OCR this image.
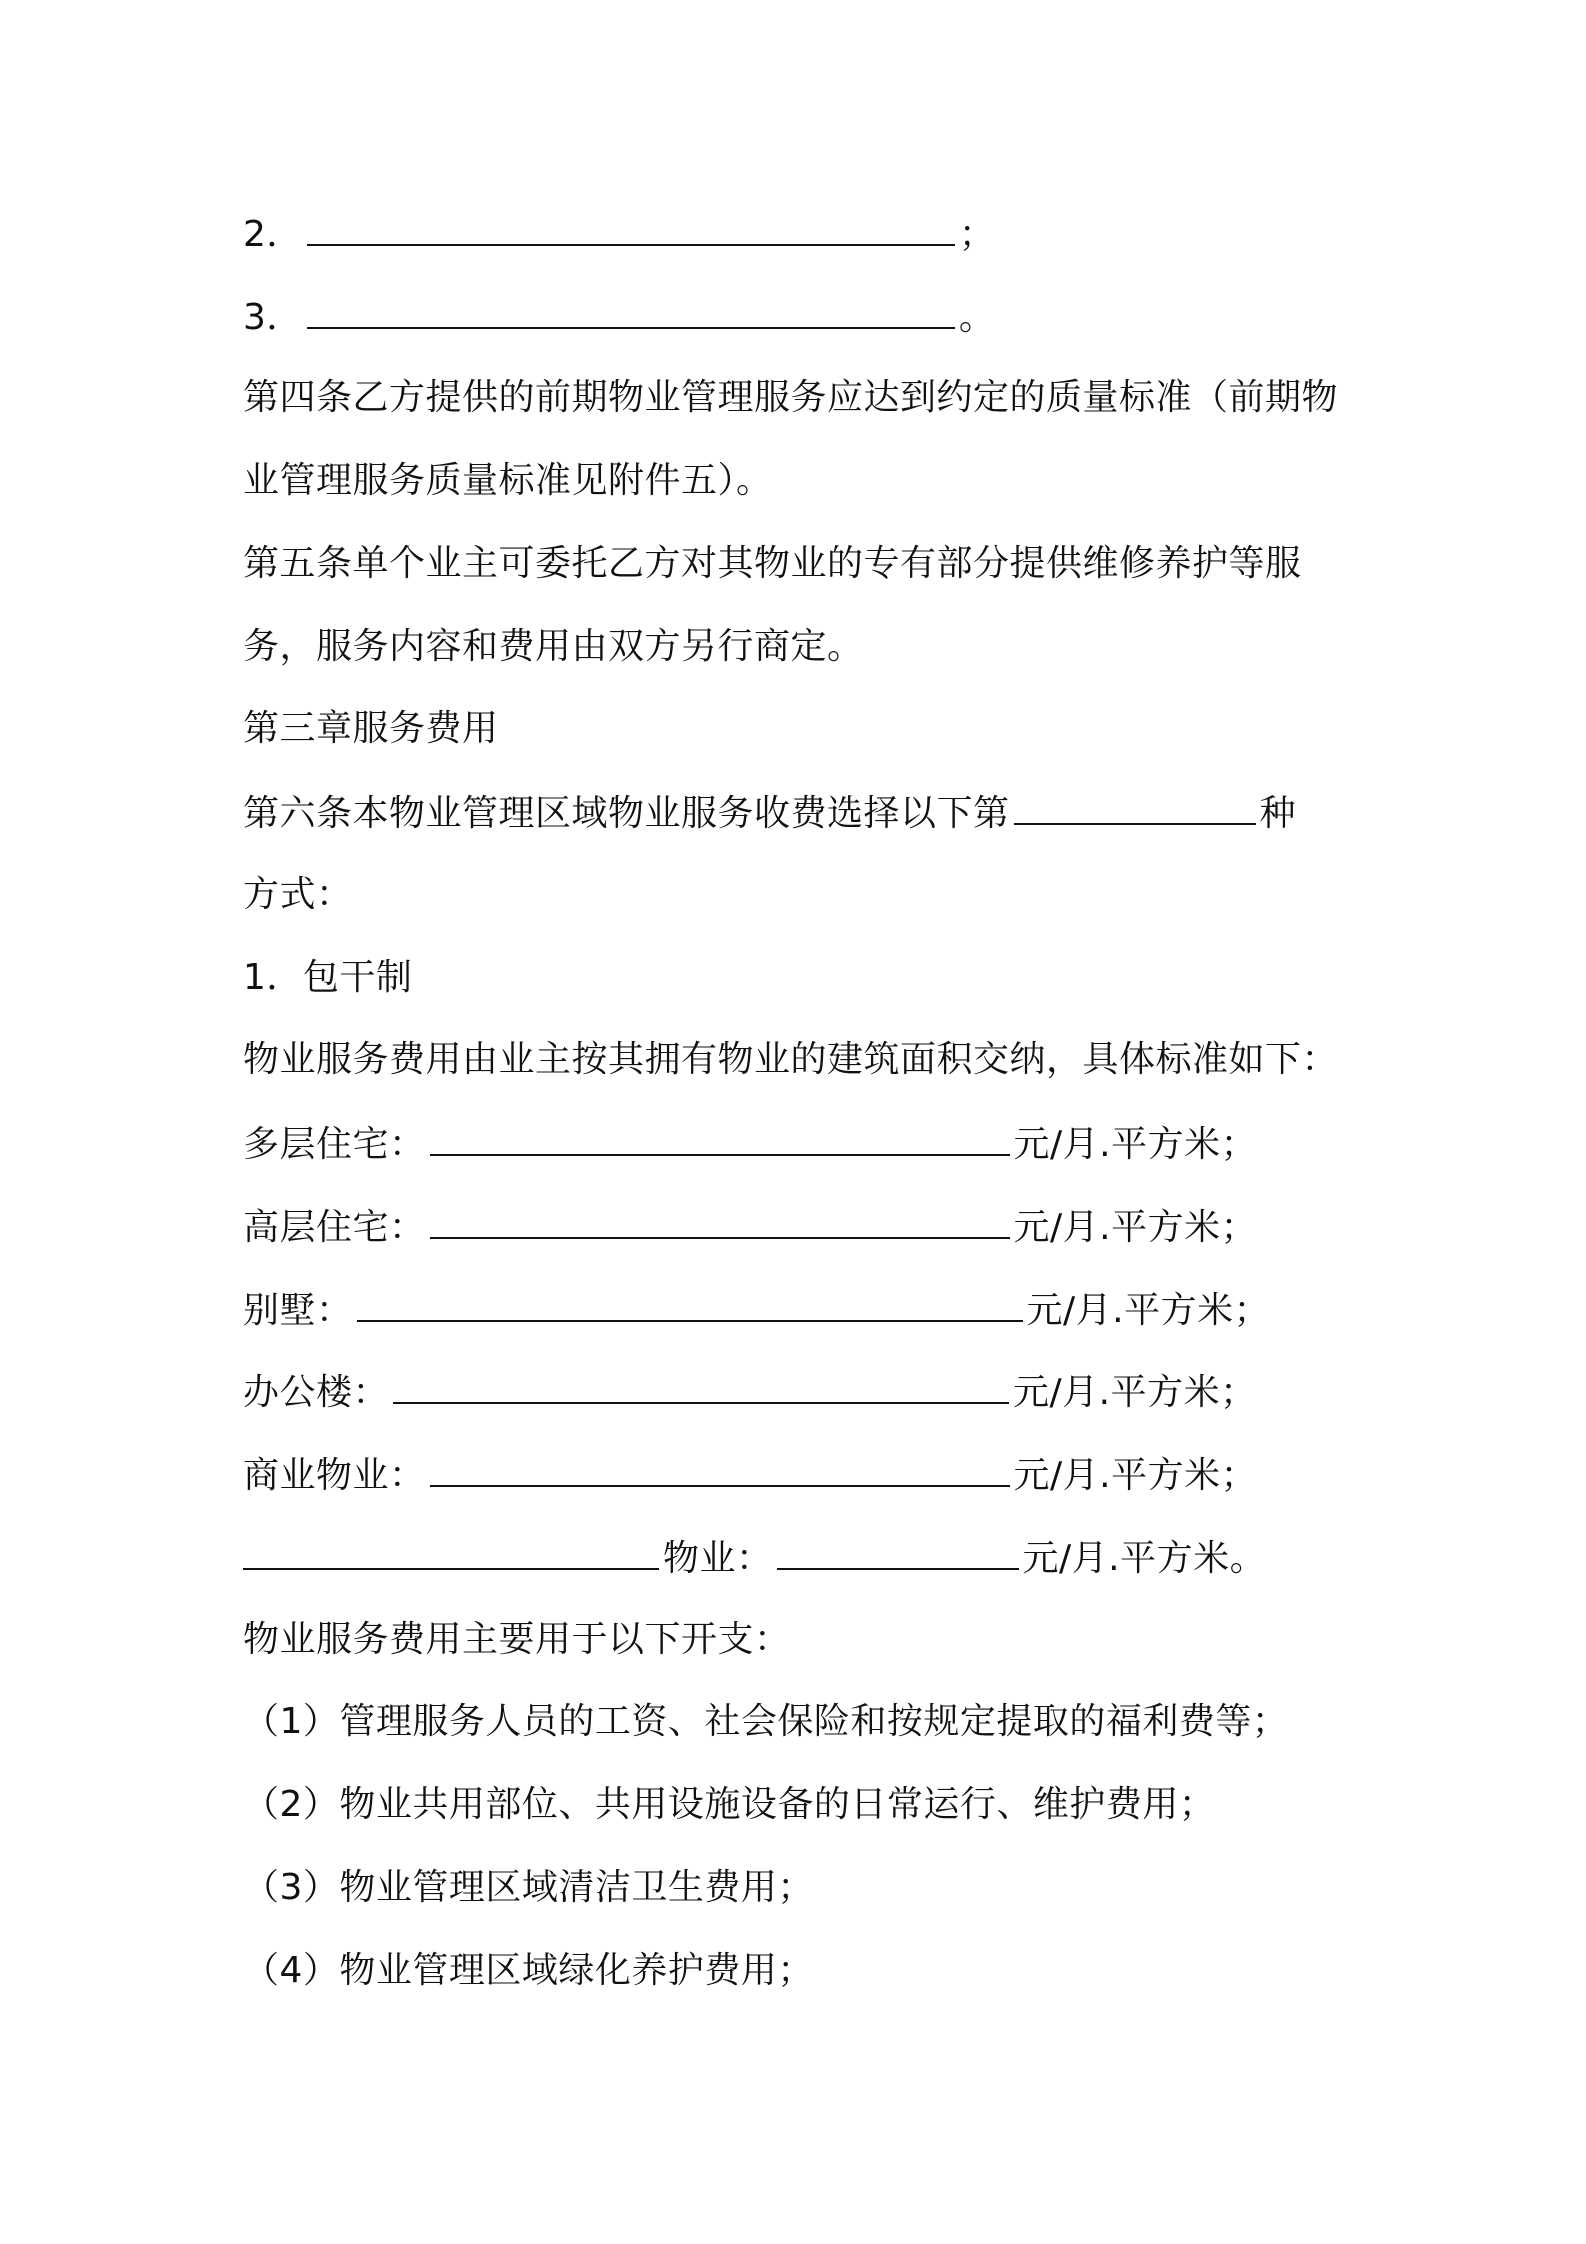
2．	；
3．	。
第四条乙方提供的前期物业管理服务应达到约定的质量标准（前期物
业管理服务质量标准见附件五）。
第五条单个业主可委托乙方对其物业的专有部分提供维修养护等服
务，服务内容和费用由双方另行商定。
第三章服务费用
第六条本物业管理区域物业服务收费选择以下第	种
方式：
1．包干制
物业服务费用由业主按其拥有物业的建筑面积交纳，具体标准如下：
多层住宅：	元/月.平方米；
高层住宅：	元/月.平方米；
别墅：	元/月.平方米；
办公楼：	元/月.平方米；
商业物业：	元/月.平方米；
物业：	元/月.平方米。
物业服务费用主要用于以下开支：
（1）管理服务人员的工资、社会保险和按规定提取的福利费等；
（2）物业共用部位、共用设施设备的日常运行、维护费用；
（3）物业管理区域清洁卫生费用；
（4）物业管理区域绿化养护费用；
